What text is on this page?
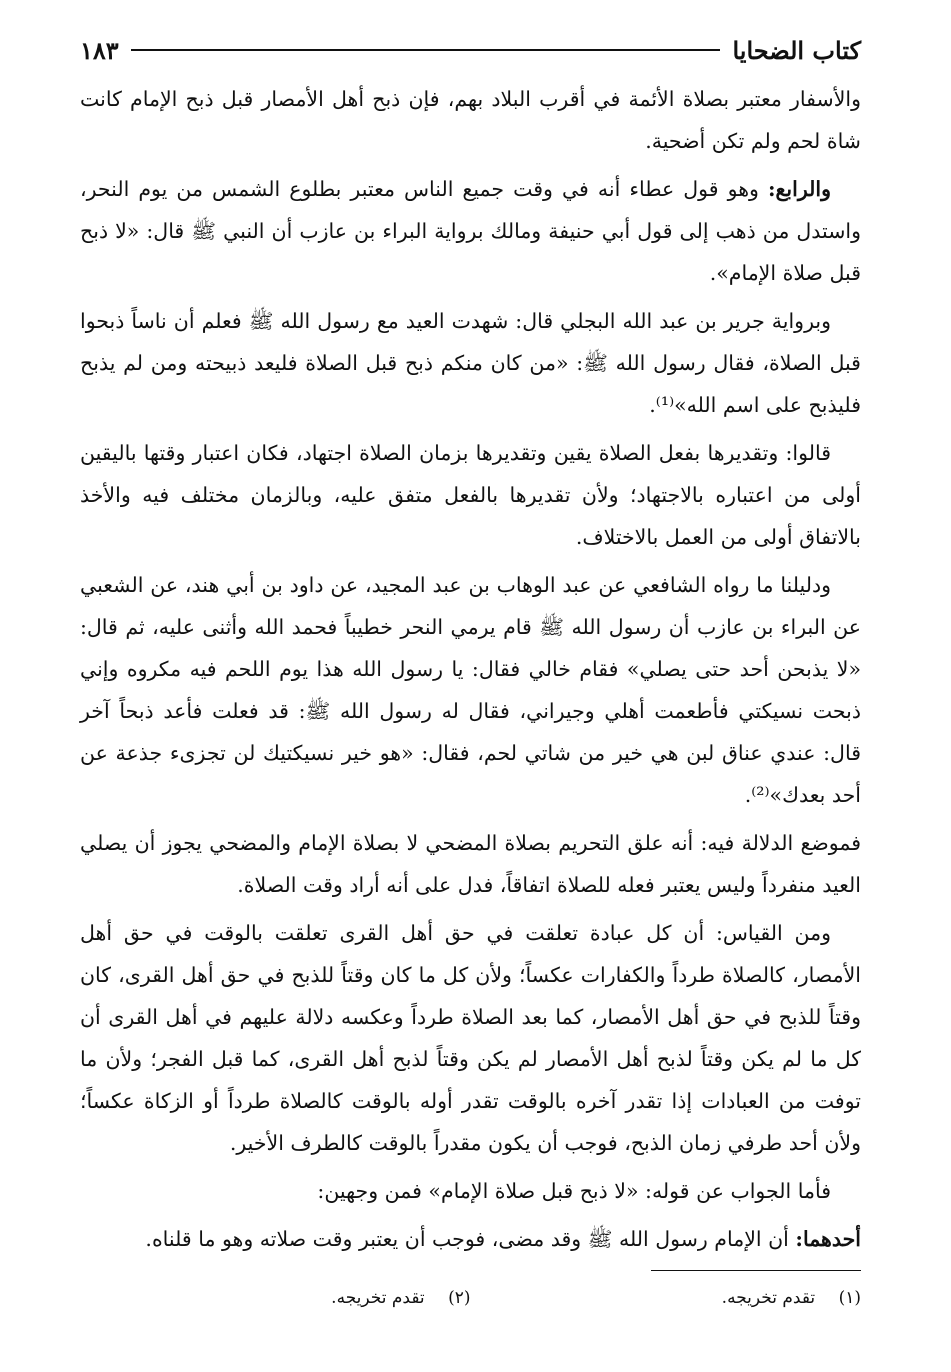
كتاب الضحايا
١٨٣

والأسفار معتبر بصلاة الأئمة في أقرب البلاد بهم، فإن ذبح أهل الأمصار قبل ذبح الإمام كانت شاة لحم ولم تكن أضحية.

والرابع: وهو قول عطاء أنه في وقت جميع الناس معتبر بطلوع الشمس من يوم النحر، واستدل من ذهب إلى قول أبي حنيفة ومالك برواية البراء بن عازب أن النبي ﷺ قال: «لا ذبح قبل صلاة الإمام».

وبرواية جرير بن عبد الله البجلي قال: شهدت العيد مع رسول الله ﷺ فعلم أن ناساً ذبحوا قبل الصلاة، فقال رسول الله ﷺ: «من كان منكم ذبح قبل الصلاة فليعد ذبيحته ومن لم يذبح فليذبح على اسم الله»⁽¹⁾.

قالوا: وتقديرها بفعل الصلاة يقين وتقديرها بزمان الصلاة اجتهاد، فكان اعتبار وقتها باليقين أولى من اعتباره بالاجتهاد؛ ولأن تقديرها بالفعل متفق عليه، وبالزمان مختلف فيه والأخذ بالاتفاق أولى من العمل بالاختلاف.

ودليلنا ما رواه الشافعي عن عبد الوهاب بن عبد المجيد، عن داود بن أبي هند، عن الشعبي عن البراء بن عازب أن رسول الله ﷺ قام يرمي النحر خطيباً فحمد الله وأثنى عليه، ثم قال: «لا يذبحن أحد حتى يصلي» فقام خالي فقال: يا رسول الله هذا يوم اللحم فيه مكروه وإني ذبحت نسيكتي فأطعمت أهلي وجيراني، فقال له رسول الله ﷺ: قد فعلت فأعد ذبحاً آخر قال: عندي عناق لبن هي خير من شاتي لحم، فقال: «هو خير نسيكتيك لن تجزىء جذعة عن أحد بعدك»⁽²⁾.

فموضع الدلالة فيه: أنه علق التحريم بصلاة المضحي لا بصلاة الإمام والمضحي يجوز أن يصلي العيد منفرداً وليس يعتبر فعله للصلاة اتفاقاً، فدل على أنه أراد وقت الصلاة.

ومن القياس: أن كل عبادة تعلقت في حق أهل القرى تعلقت بالوقت في حق أهل الأمصار، كالصلاة طرداً والكفارات عكساً؛ ولأن كل ما كان وقتاً للذبح في حق أهل القرى، كان وقتاً للذبح في حق أهل الأمصار، كما بعد الصلاة طرداً وعكسه دلالة عليهم في أهل القرى أن كل ما لم يكن وقتاً لذبح أهل الأمصار لم يكن وقتاً لذبح أهل القرى، كما قبل الفجر؛ ولأن ما توفت من العبادات إذا تقدر آخره بالوقت تقدر أوله بالوقت كالصلاة طرداً أو الزكاة عكساً؛ ولأن أحد طرفي زمان الذبح، فوجب أن يكون مقدراً بالوقت كالطرف الأخير.

فأما الجواب عن قوله: «لا ذبح قبل صلاة الإمام» فمن وجهين:

أحدهما: أن الإمام رسول الله ﷺ وقد مضى، فوجب أن يعتبر وقت صلاته وهو ما قلناه.

(١) تقدم تخريجه.
(٢) تقدم تخريجه.
